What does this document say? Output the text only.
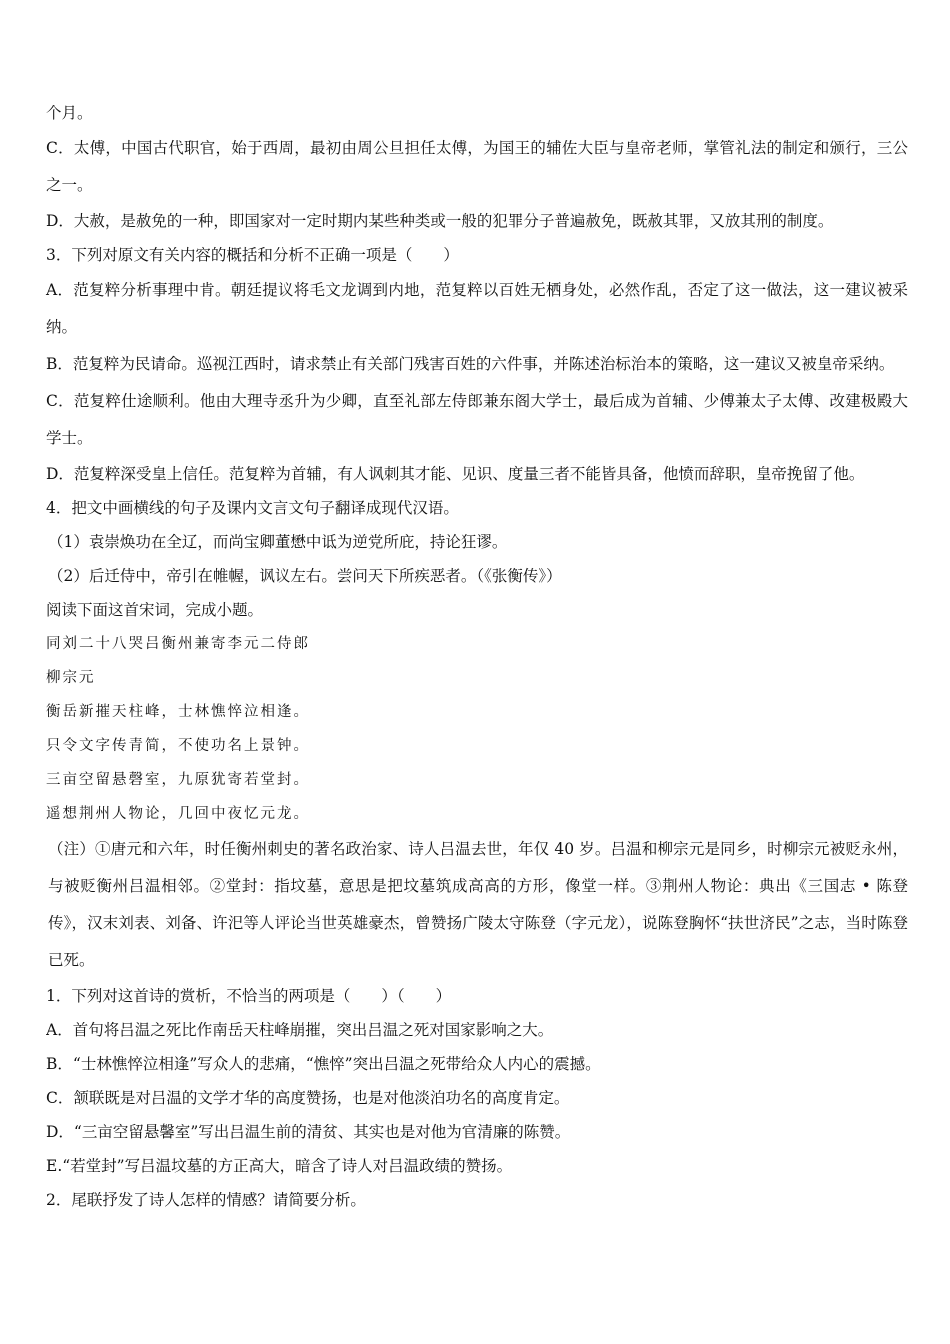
个月。
C．太傅，中国古代职官，始于西周，最初由周公旦担任太傅，为国王的辅佐大臣与皇帝老师，掌管礼法的制定和颁行，三公之一。
D．大赦，是赦免的一种，即国家对一定时期内某些种类或一般的犯罪分子普遍赦免，既赦其罪，又放其刑的制度。
3．下列对原文有关内容的概括和分析不正确一项是（　　）
A．范复粹分析事理中肯。朝廷提议将毛文龙调到内地，范复粹以百姓无栖身处，必然作乱，否定了这一做法，这一建议被采纳。
B．范复粹为民请命。巡视江西时，请求禁止有关部门残害百姓的六件事，并陈述治标治本的策略，这一建议又被皇帝采纳。
C．范复粹仕途顺利。他由大理寺丞升为少卿，直至礼部左侍郎兼东阁大学士，最后成为首辅、少傅兼太子太傅、改建极殿大学士。
D．范复粹深受皇上信任。范复粹为首辅，有人讽刺其才能、见识、度量三者不能皆具备，他愤而辞职，皇帝挽留了他。
4．把文中画横线的句子及课内文言文句子翻译成现代汉语。
（1）袁崇焕功在全辽，而尚宝卿董懋中诋为逆党所庇，持论狂谬。
（2）后迁侍中，帝引在帷幄，讽议左右。尝问天下所疾恶者。（《张衡传》）
阅读下面这首宋词，完成小题。
同刘二十八哭吕衡州兼寄李元二侍郎
柳宗元
衡岳新摧天柱峰，士林憔悴泣相逢。
只令文字传青简，不使功名上景钟。
三亩空留悬磬室，九原犹寄若堂封。
遥想荆州人物论，几回中夜忆元龙。
（注）①唐元和六年，时任衡州刺史的著名政治家、诗人吕温去世，年仅 40 岁。吕温和柳宗元是同乡，时柳宗元被贬永州，与被贬衡州吕温相邻。②堂封：指坟墓，意思是把坟墓筑成高高的方形，像堂一样。③荆州人物论：典出《三国志 • 陈登传》，汉末刘表、刘备、许汜等人评论当世英雄豪杰，曾赞扬广陵太守陈登（字元龙），说陈登胸怀“扶世济民”之志，当时陈登已死。
1．下列对这首诗的赏析，不恰当的两项是（　　）（　　）
A．首句将吕温之死比作南岳天柱峰崩摧，突出吕温之死对国家影响之大。
B．“士林憔悴泣相逢”写众人的悲痛，“憔悴”突出吕温之死带给众人内心的震撼。
C．颔联既是对吕温的文学才华的高度赞扬，也是对他淡泊功名的高度肯定。
D．“三亩空留悬馨室”写出吕温生前的清贫、其实也是对他为官清廉的陈赞。
E.“若堂封”写吕温坟墓的方正高大，暗含了诗人对吕温政绩的赞扬。
2．尾联抒发了诗人怎样的情感？请简要分析。
